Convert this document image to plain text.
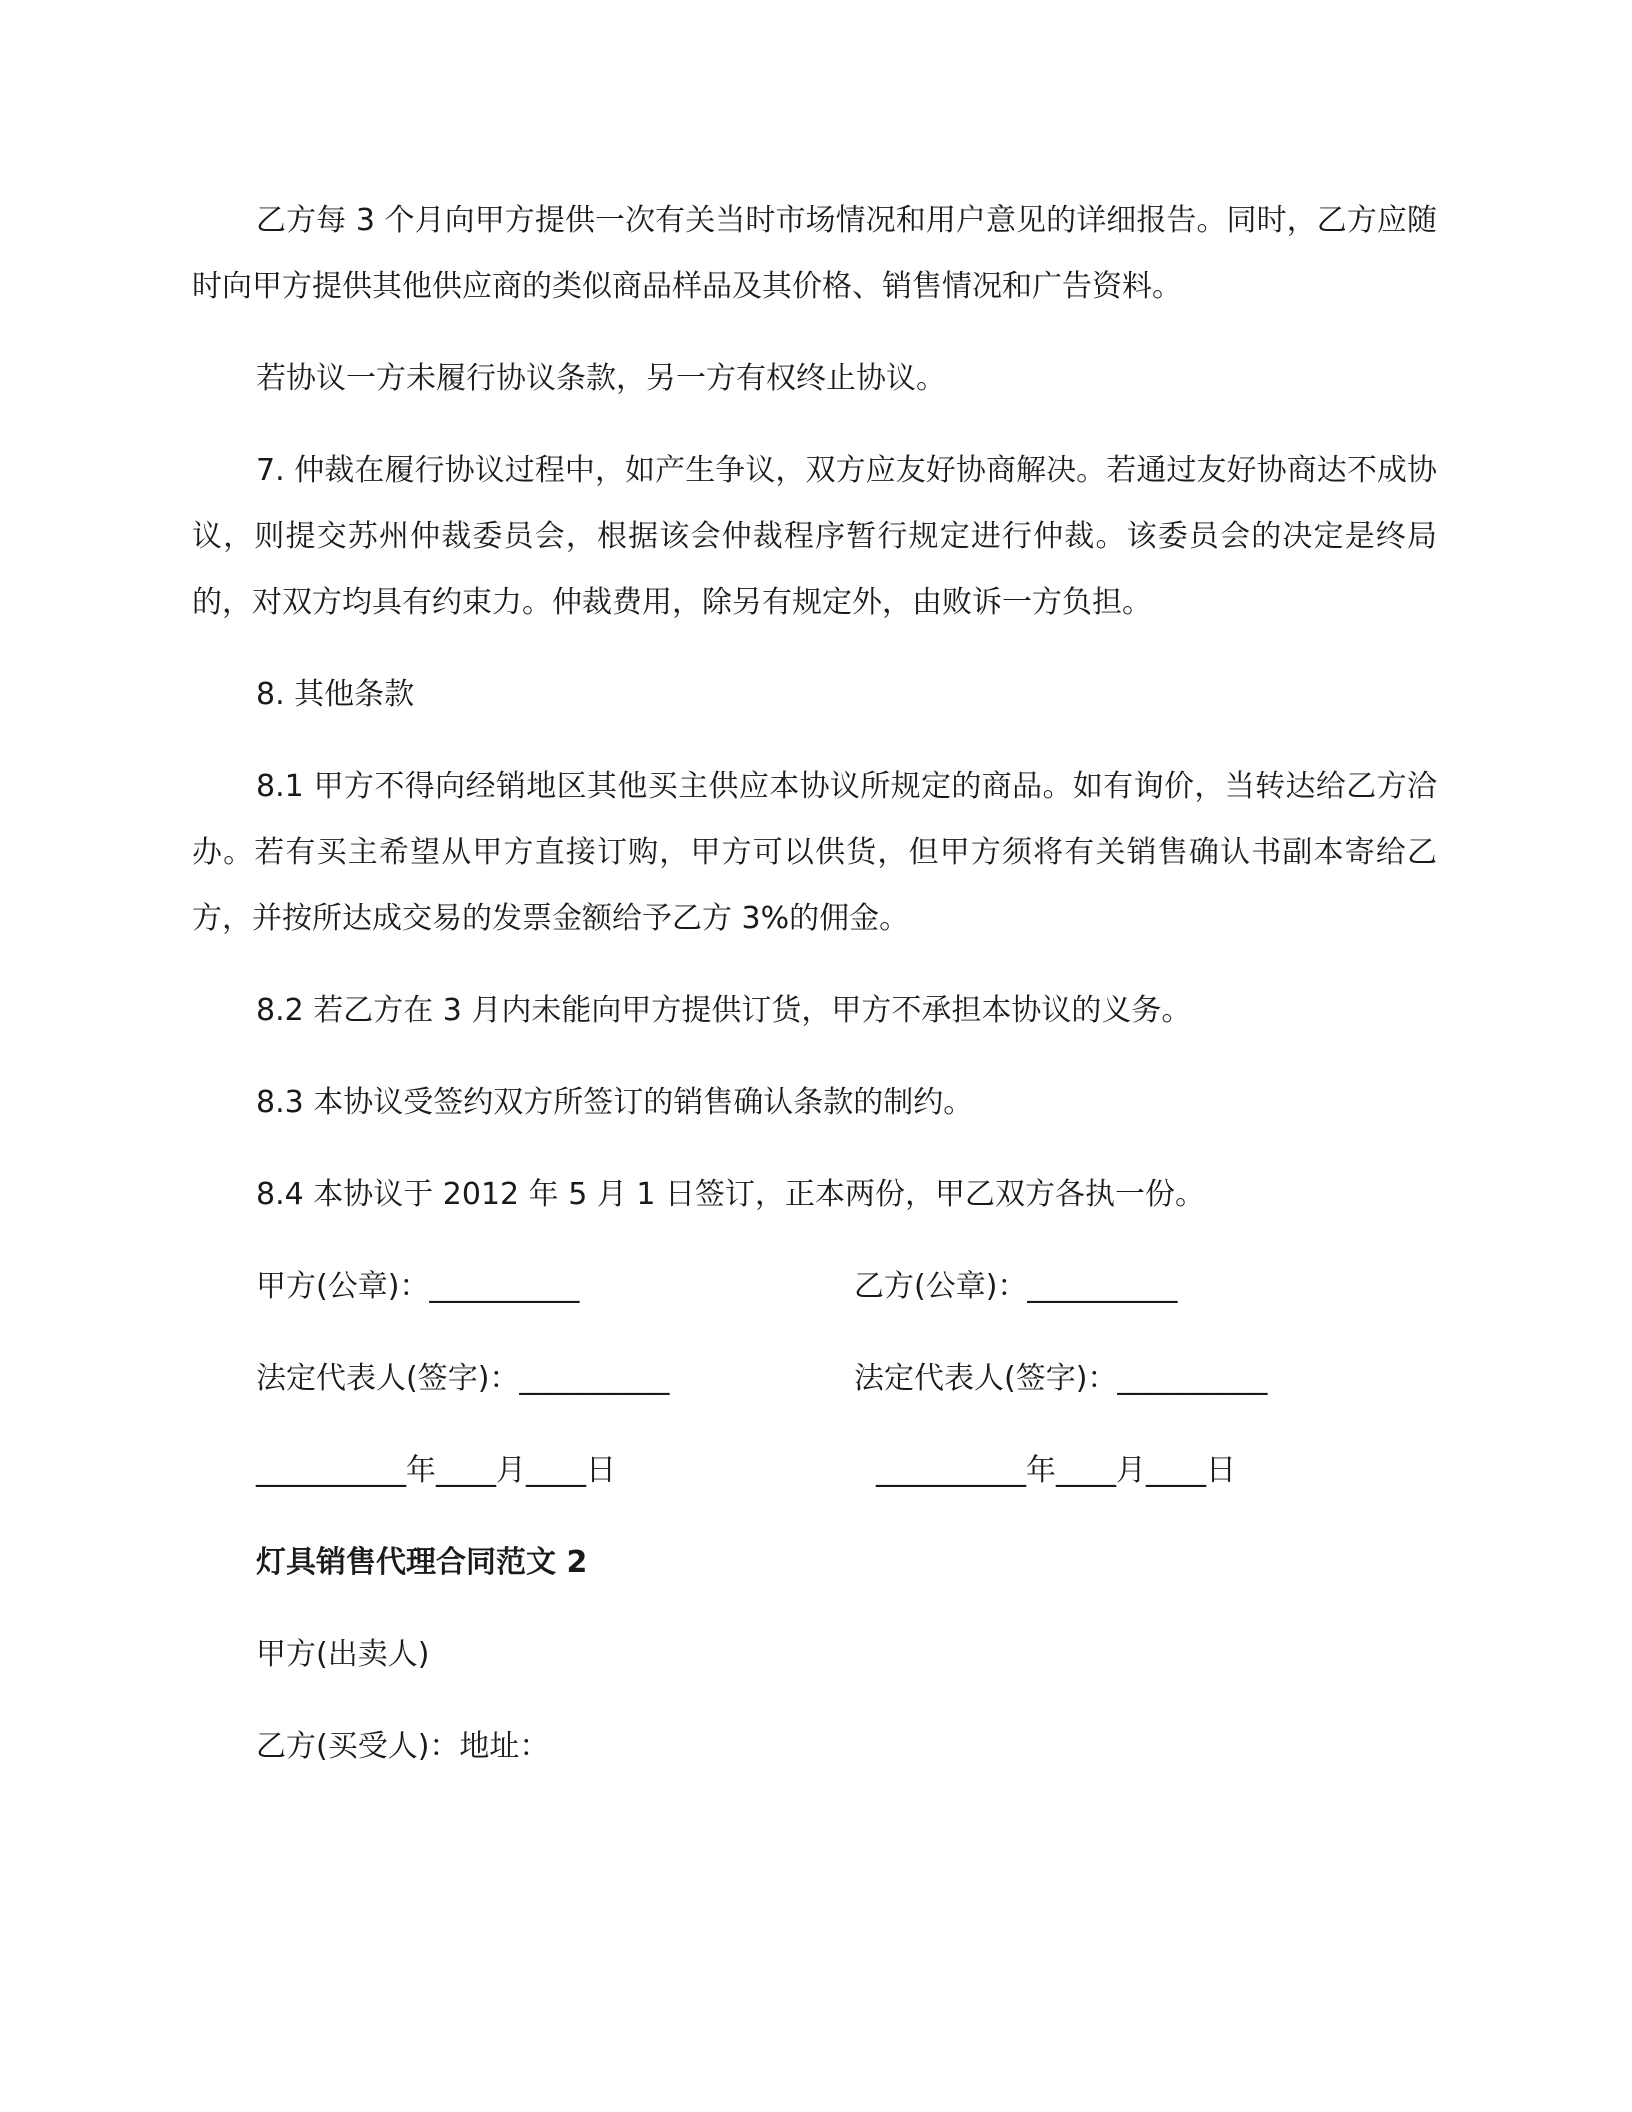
乙方每 3 个月向甲方提供一次有关当时市场情况和用户意见的详细报告。同时，乙方应随时向甲方提供其他供应商的类似商品样品及其价格、销售情况和广告资料。

若协议一方未履行协议条款，另一方有权终止协议。

7. 仲裁在履行协议过程中，如产生争议，双方应友好协商解决。若通过友好协商达不成协议，则提交苏州仲裁委员会，根据该会仲裁程序暂行规定进行仲裁。该委员会的决定是终局的，对双方均具有约束力。仲裁费用，除另有规定外，由败诉一方负担。

8. 其他条款

8.1 甲方不得向经销地区其他买主供应本协议所规定的商品。如有询价，当转达给乙方洽办。若有买主希望从甲方直接订购，甲方可以供货，但甲方须将有关销售确认书副本寄给乙方，并按所达成交易的发票金额给予乙方 3%的佣金。

8.2 若乙方在 3 月内未能向甲方提供订货，甲方不承担本协议的义务。

8.3 本协议受签约双方所签订的销售确认条款的制约。

8.4 本协议于 2012 年 5 月 1 日签订，正本两份，甲乙双方各执一份。

甲方(公章)：__________	乙方(公章)：__________
法定代表人(签字)：__________	法定代表人(签字)：__________
__________年____月____日	__________年____月____日

灯具销售代理合同范文 2

甲方(出卖人)

乙方(买受人)：地址：
